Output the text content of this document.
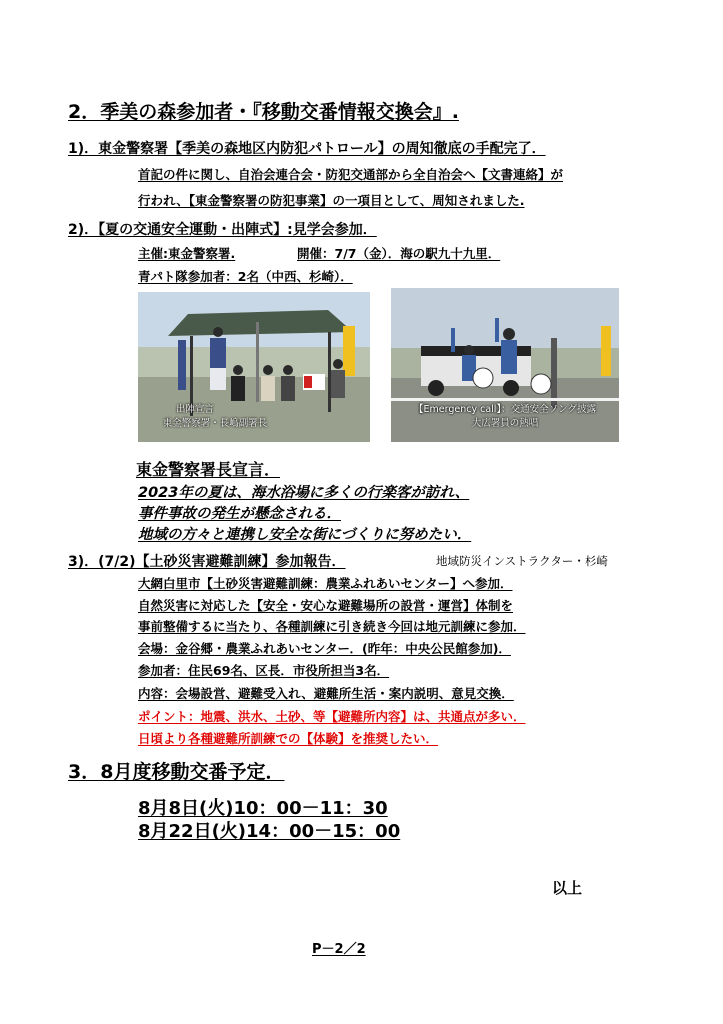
2．季美の森参加者・『移動交番情報交換会』.
1)．東金警察署【季美の森地区内防犯パトロール】の周知徹底の手配完了．
首記の件に関し、自治会連合会・防犯交通部から全自治会へ【文書連絡】が
行われ、【東金警察署の防犯事業】の一項目として、周知されました.
2)．【夏の交通安全運動・出陣式】:見学会参加．
主催:東金警察署.	開催：7/7（金）．海の駅九十九里．
青パト隊参加者：2名（中西、杉崎）．
出陣宣言
東金警察署・長嶋副署長
【Emergency call】：交通安全ソング披露
大広署員の熱唱
東金警察署長宣言．
2023年の夏は、海水浴場に多くの行楽客が訪れ、
事件事故の発生が懸念される．
地域の方々と連携し安全な街にづくりに努めたい．
3)．(7/2)【土砂災害避難訓練】参加報告．	地域防災インストラクター・杉崎
大網白里市【土砂災害避難訓練：農業ふれあいセンター】へ参加．
自然災害に対応した【安全・安心な避難場所の設営・運営】体制を
事前整備するに当たり、各種訓練に引き続き今回は地元訓練に参加．
会場：金谷郷・農業ふれあいセンター．(昨年：中央公民館参加)．
参加者：住民69名、区長．市役所担当3名．
内容：会場設営、避難受入れ、避難所生活・案内説明、意見交換．
ポイント：地震、洪水、土砂、等【避難所内容】は、共通点が多い．
日頃より各種避難所訓練での【体験】を推奨したい．
3．8月度移動交番予定．
8月8日(火)10：00－11：30
8月22日(火)14：00－15：00
以上
P－2／2
